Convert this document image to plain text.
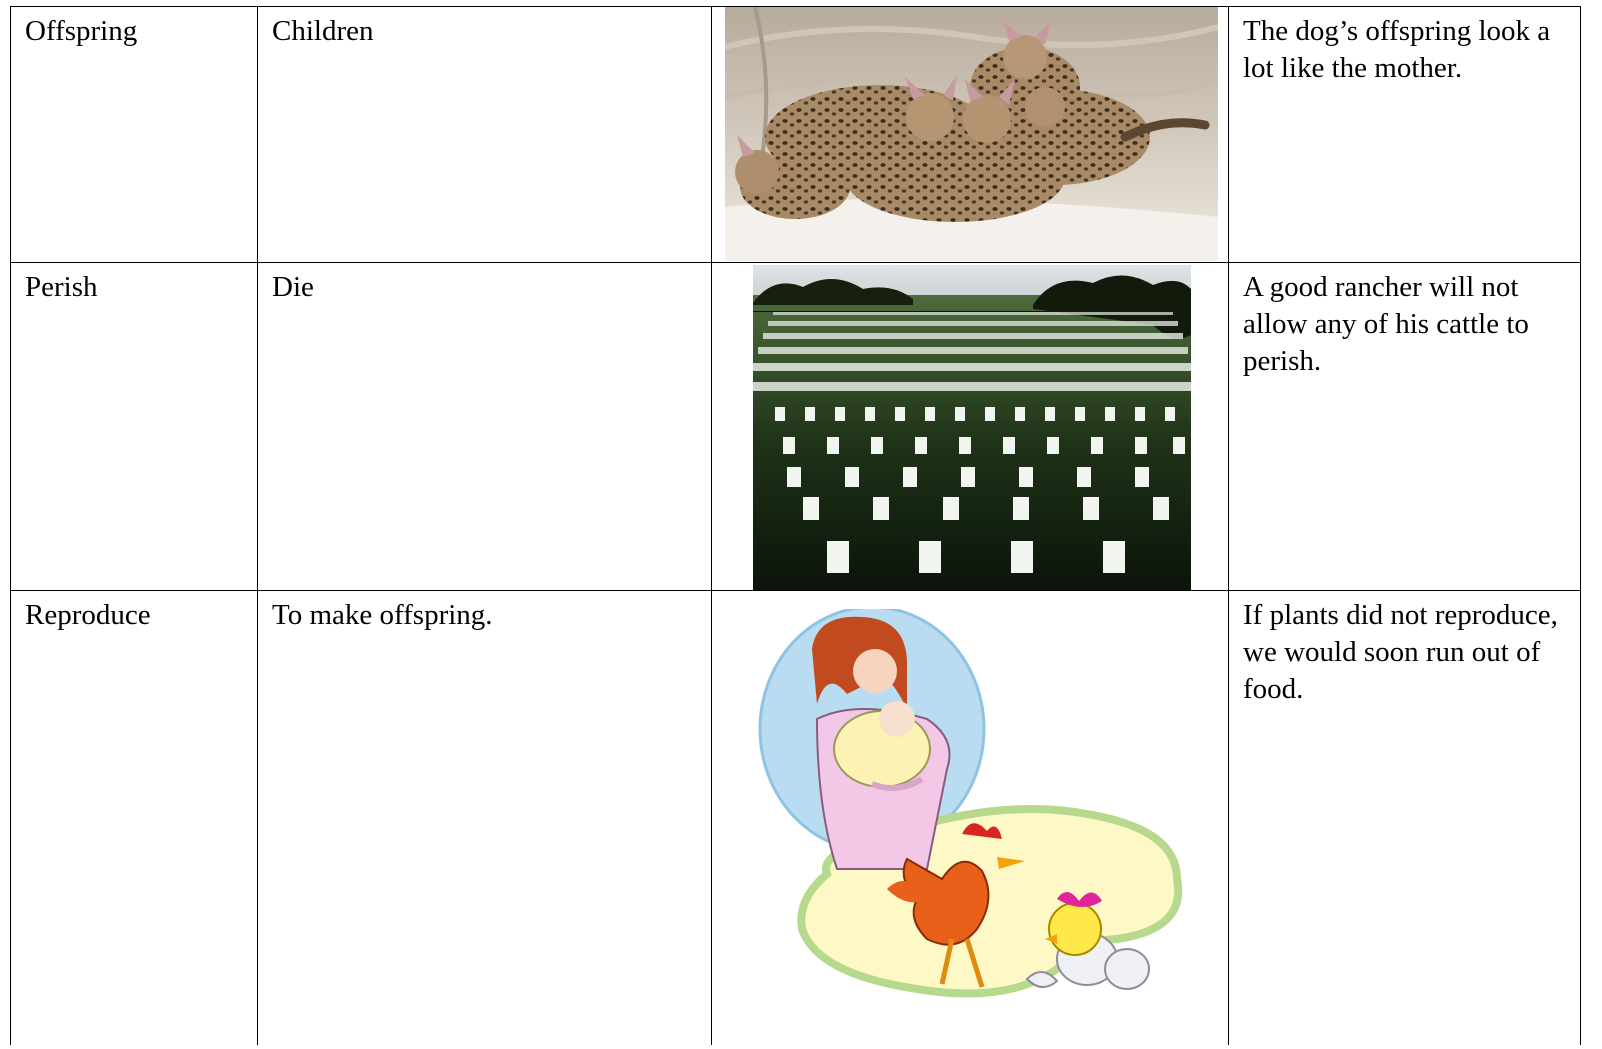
Offspring	Children		The dog’s offspring look a lot like the mother.

Perish	Die		A good rancher will not allow any of his cattle to perish.

Reproduce	To make offspring.		If plants did not reproduce, we would soon run out of food.
